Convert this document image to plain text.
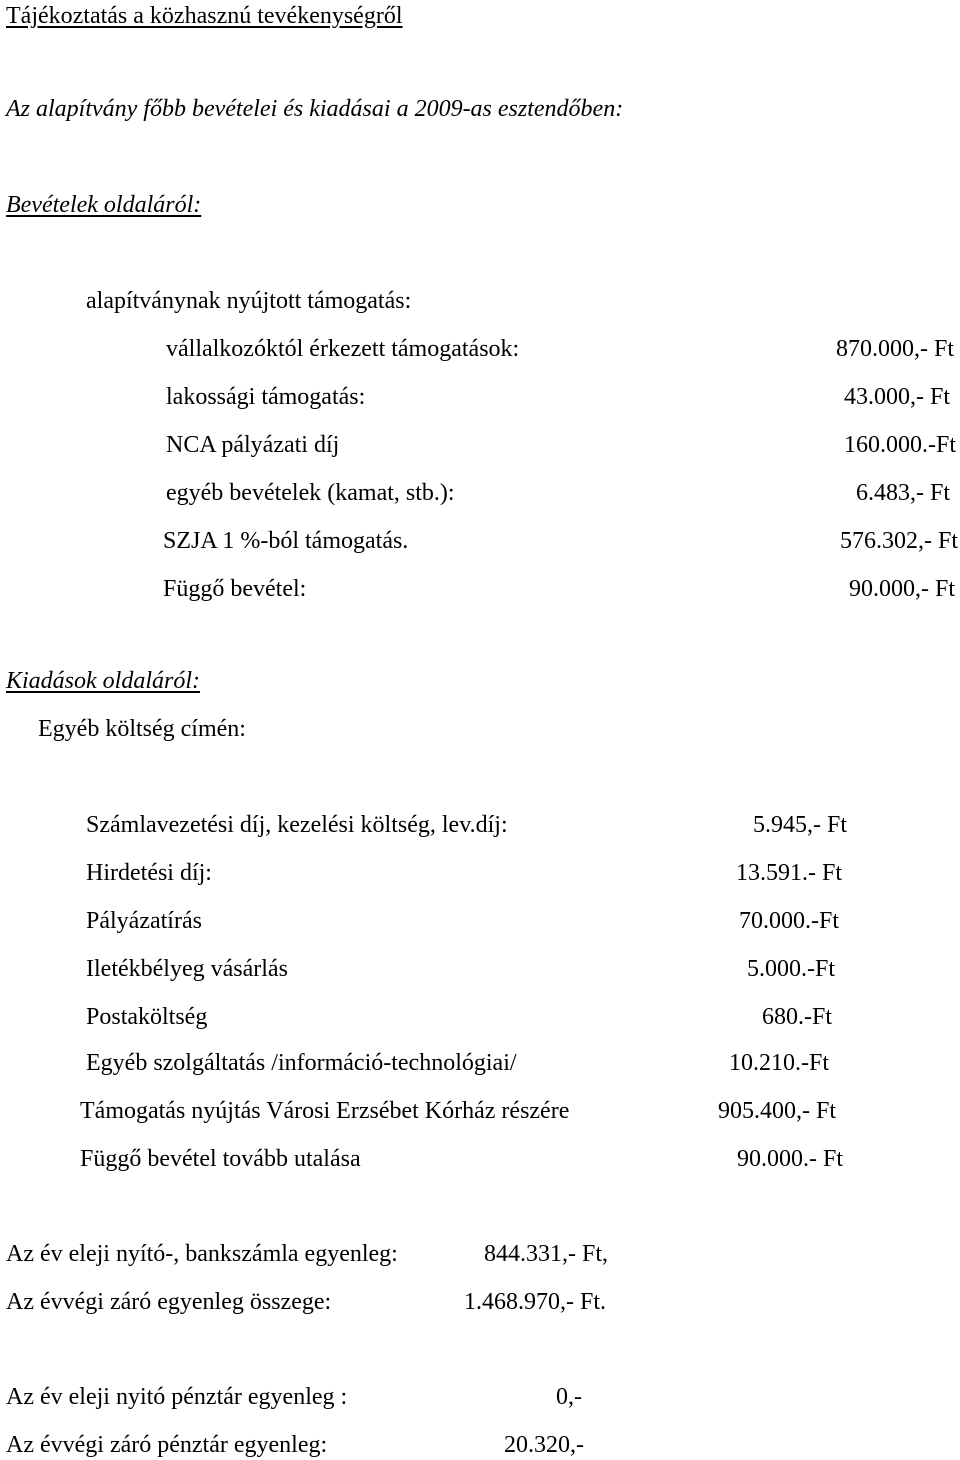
Tájékoztatás a közhasznú tevékenységről
Az alapítvány főbb bevételei és kiadásai a 2009-as esztendőben:
Bevételek oldaláról:
alapítványnak nyújtott támogatás:
vállalkozóktól érkezett támogatások:	870.000,- Ft
lakossági támogatás:	43.000,- Ft
NCA pályázati díj	160.000.-Ft
egyéb bevételek (kamat, stb.):	6.483,- Ft
SZJA 1 %-ból támogatás.	576.302,- Ft
Függő bevétel:	90.000,- Ft
Kiadások oldaláról:
Egyéb költség címén:
Számlavezetési díj, kezelési költség, lev.díj:	5.945,- Ft
Hirdetési díj:	13.591.- Ft
Pályázatírás	70.000.-Ft
Iletékbélyeg vásárlás	5.000.-Ft
Postaköltség	680.-Ft
Egyéb szolgáltatás /információ-technológiai/	10.210.-Ft
Támogatás nyújtás Városi Erzsébet Kórház részére	905.400,- Ft
Függő bevétel tovább utalása	90.000.- Ft
Az év eleji nyító-, bankszámla egyenleg:	844.331,- Ft,
Az évvégi záró egyenleg összege:	1.468.970,- Ft.
Az év eleji nyitó pénztár egyenleg :	0,-
Az évvégi záró pénztár egyenleg:	20.320,-
